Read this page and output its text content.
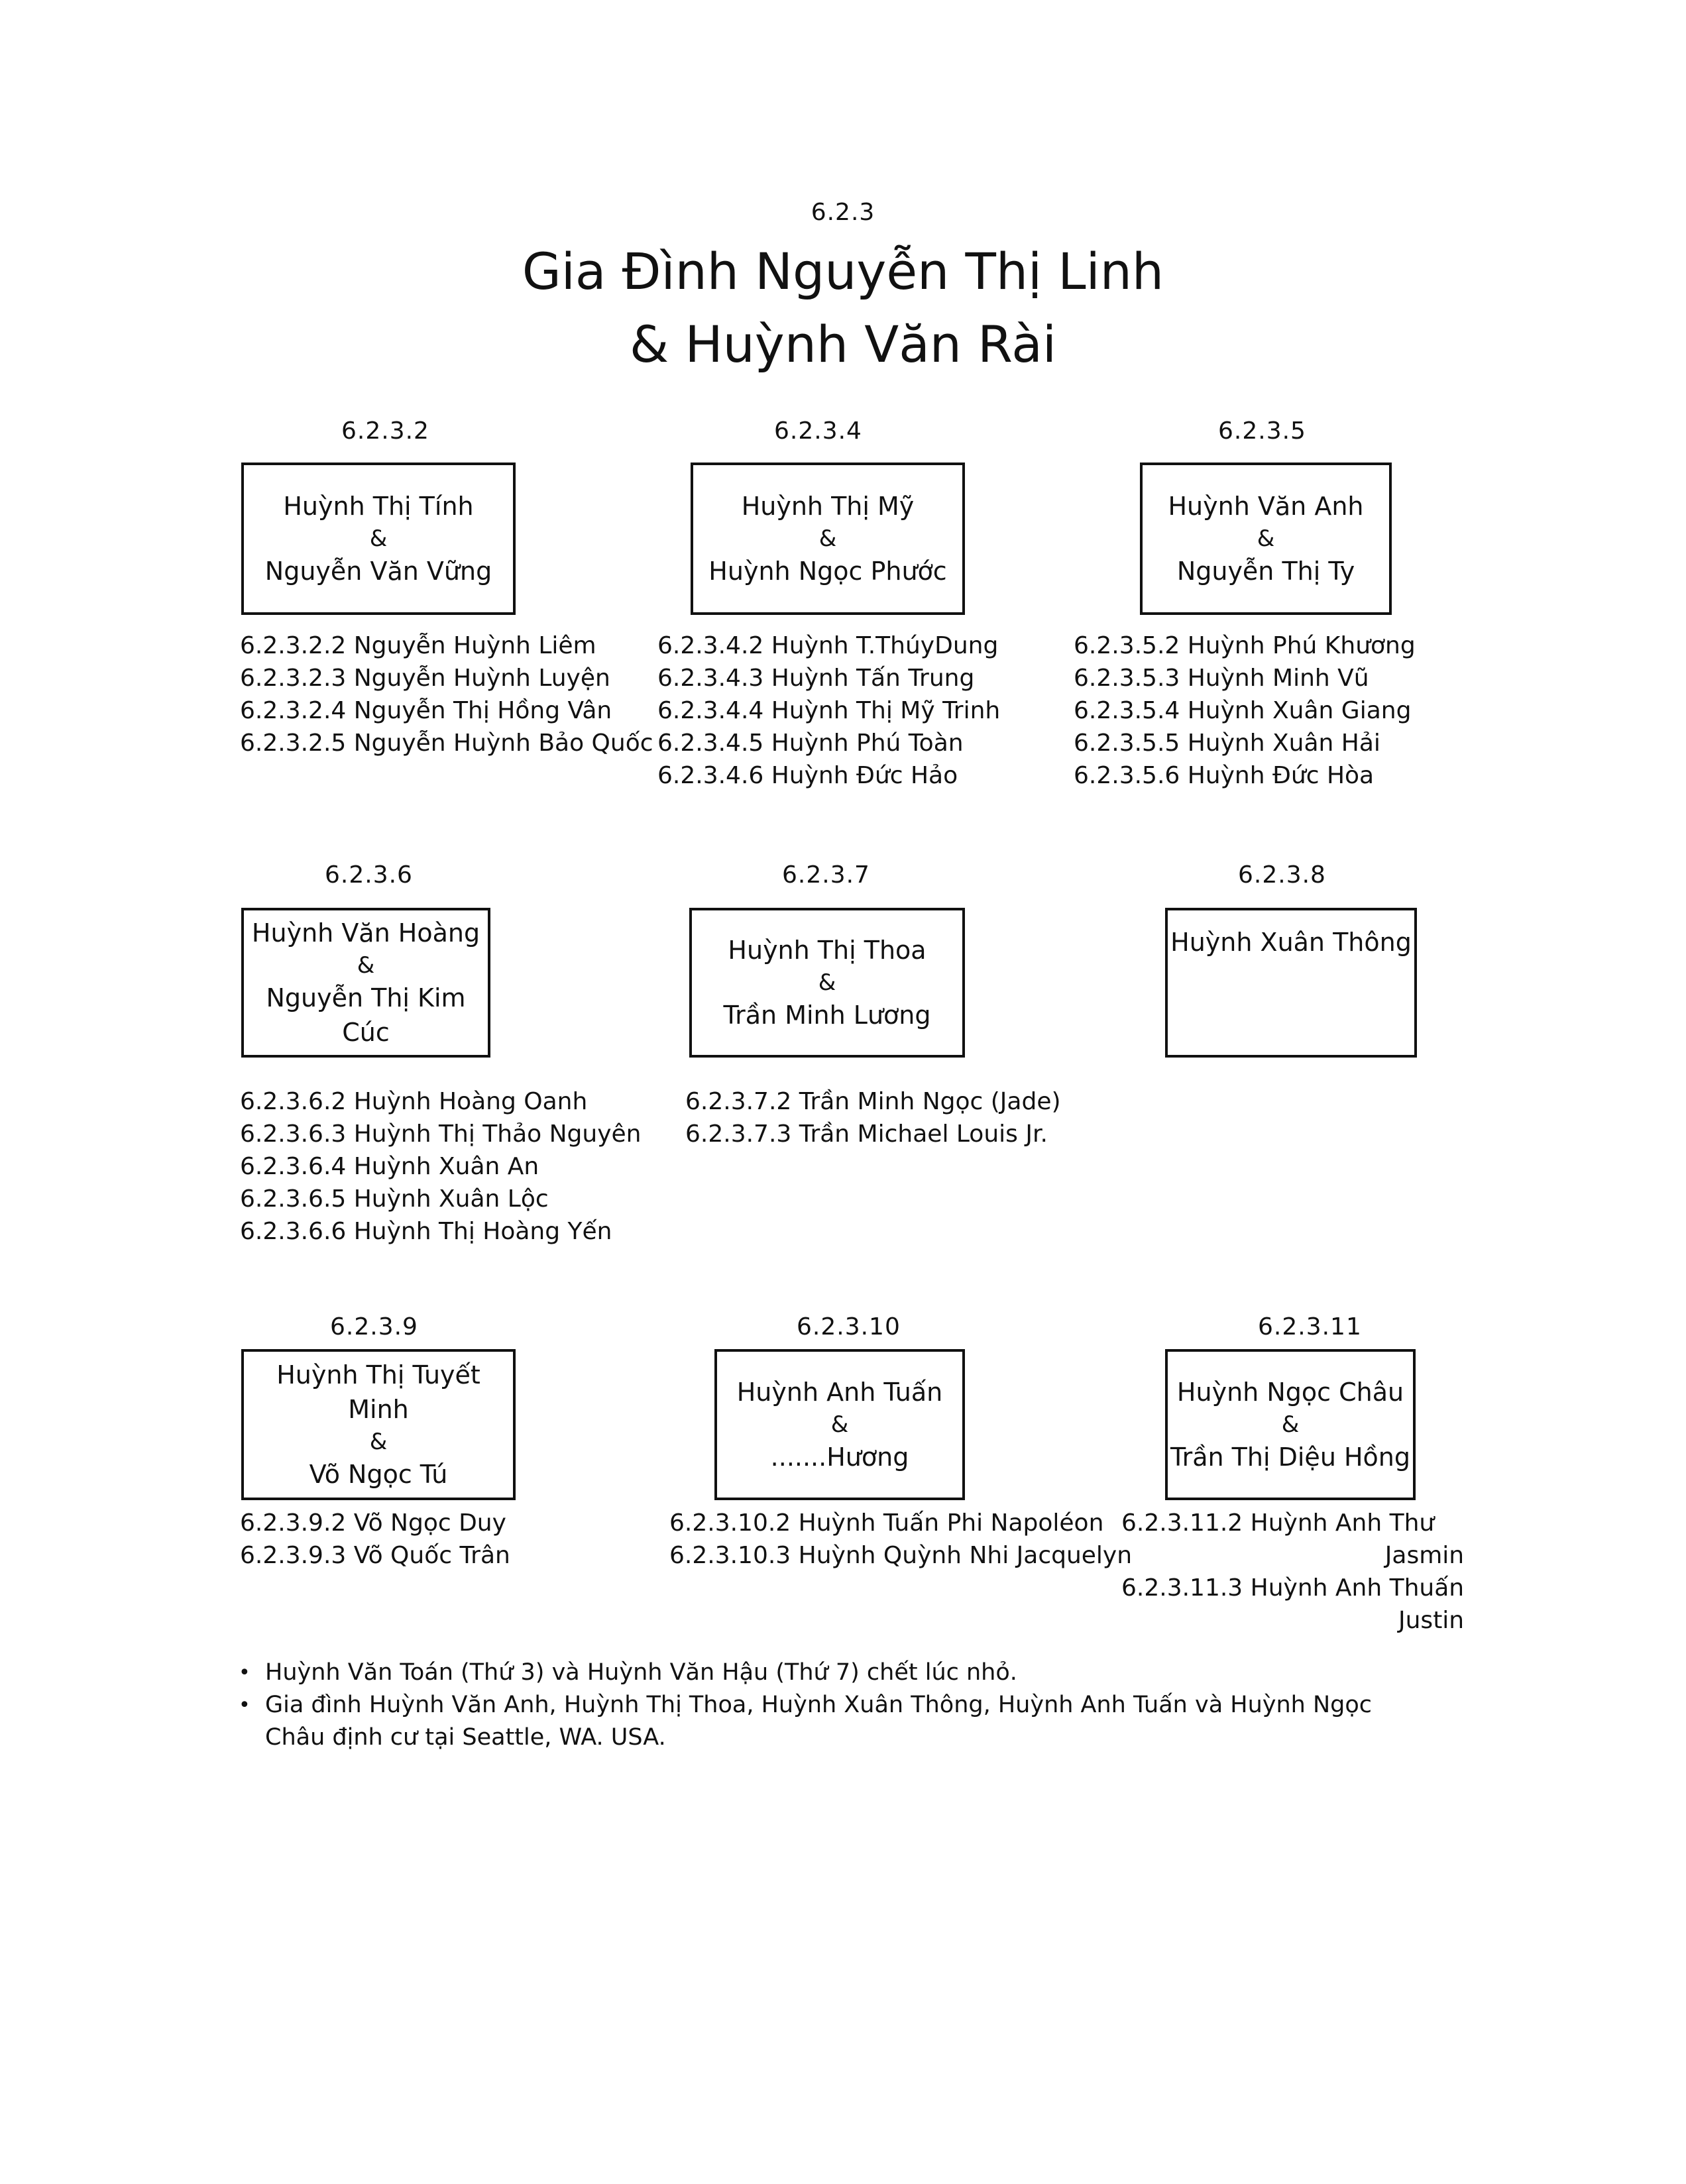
6.2.3
Gia Đình Nguyễn Thị Linh
& Huỳnh Văn Rài
6.2.3.2
Huỳnh Thị Tính
&
Nguyễn Văn Vững
6.2.3.2.2 Nguyễn Huỳnh Liêm
6.2.3.2.3 Nguyễn Huỳnh Luyện
6.2.3.2.4 Nguyễn Thị Hồng Vân
6.2.3.2.5 Nguyễn Huỳnh Bảo Quốc
6.2.3.4
Huỳnh Thị Mỹ
&
Huỳnh Ngọc Phước
6.2.3.4.2 Huỳnh T.ThúyDung
6.2.3.4.3 Huỳnh Tấn Trung
6.2.3.4.4 Huỳnh Thị Mỹ Trinh
6.2.3.4.5 Huỳnh Phú Toàn
6.2.3.4.6 Huỳnh Đức Hảo
6.2.3.5
Huỳnh Văn Anh
&
Nguyễn Thị Ty
6.2.3.5.2 Huỳnh Phú Khương
6.2.3.5.3 Huỳnh Minh Vũ
6.2.3.5.4 Huỳnh Xuân Giang
6.2.3.5.5 Huỳnh Xuân Hải
6.2.3.5.6 Huỳnh Đức Hòa
6.2.3.6
Huỳnh Văn Hoàng
&
Nguyễn Thị Kim Cúc
6.2.3.6.2 Huỳnh Hoàng Oanh
6.2.3.6.3 Huỳnh Thị Thảo Nguyên
6.2.3.6.4 Huỳnh Xuân An
6.2.3.6.5 Huỳnh Xuân Lộc
6.2.3.6.6 Huỳnh Thị Hoàng Yến
6.2.3.7
Huỳnh Thị Thoa
&
Trần Minh Lương
6.2.3.7.2 Trần Minh Ngọc (Jade)
6.2.3.7.3 Trần Michael Louis Jr.
6.2.3.8
Huỳnh Xuân Thông
6.2.3.9
Huỳnh Thị Tuyết Minh
&
Võ Ngọc Tú
6.2.3.9.2 Võ Ngọc Duy
6.2.3.9.3 Võ Quốc Trân
6.2.3.10
Huỳnh Anh Tuấn
&
.......Hương
6.2.3.10.2 Huỳnh Tuấn Phi Napoléon
6.2.3.10.3 Huỳnh Quỳnh Nhi Jacquelyn
6.2.3.11
Huỳnh Ngọc Châu
&
Trần Thị Diệu Hồng
6.2.3.11.2 Huỳnh Anh Thư
Jasmin
6.2.3.11.3 Huỳnh Anh Thuấn
Justin
• Huỳnh Văn Toán (Thứ 3) và Huỳnh Văn Hậu (Thứ 7) chết lúc nhỏ.
• Gia đình Huỳnh Văn Anh, Huỳnh Thị Thoa, Huỳnh Xuân Thông, Huỳnh Anh Tuấn và Huỳnh Ngọc Châu định cư tại Seattle, WA. USA.
